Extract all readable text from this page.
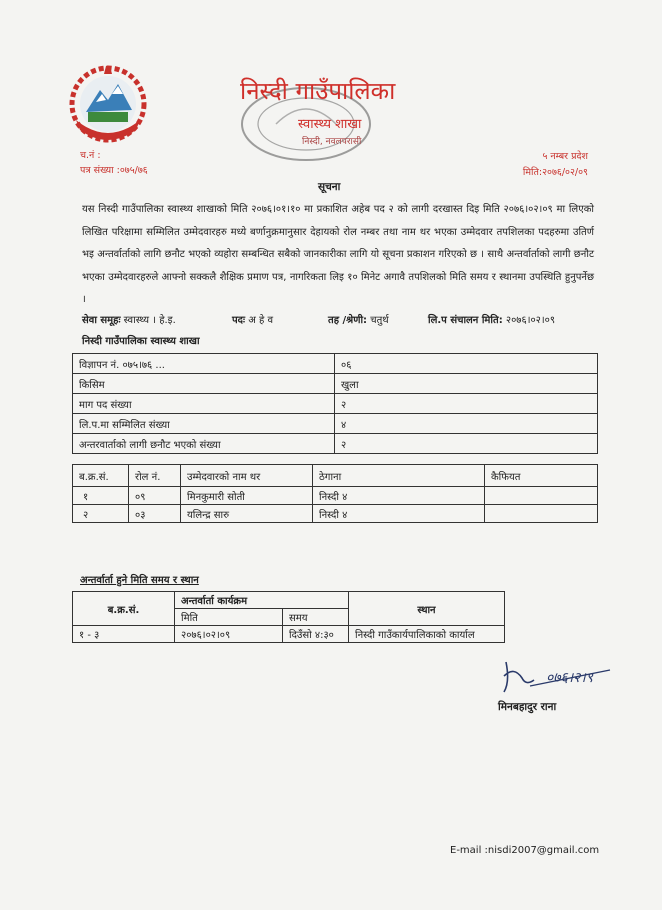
निस्दी गाउँपालिका
स्वास्थ्य शाखा
निस्दी, नवलपरासी
च.नं :
पत्र संख्या :०७५/७६
५ नम्बर प्रदेश
मिति:२०७६/०२/०९
सूचना
यस निस्दी गाउँपालिका स्वास्थ्य शाखाको मिति २०७६।०१।१० मा प्रकाशित अहेब पद २ को लागी दरखास्त दिइ मिति २०७६।०२।०९ मा लिएको लिखित परिक्षामा सम्मिलित उम्मेदवारहरु मध्ये बर्णानुक्रमानुसार देहायको रोल नम्बर तथा नाम थर भएका उम्मेदवार तपशिलका पदहरुमा उतिर्ण भइ अन्तर्वार्ताको लागि छनौट भएको व्यहोरा सम्बन्धित सबैको जानकारीका लागि यो सूचना प्रकाशन गरिएको छ । साथै अन्तर्वार्ताको लागी छनौट भएका उम्मेदवारहरुले आफ्नो सक्कलै शैक्षिक प्रमाण पत्र, नागरिकता लिइ १० मिनेट अगावै तपशिलको मिति समय र स्थानमा उपस्थिति हुनुपर्नेछ ।
सेवा समूहः स्वास्थ्य । हे.इ.	पदः अ हे व	तह /श्रेणी: चतुर्थ	लि.प संचालन मिति: २०७६।०२।०९
निस्दी गाउँपालिका स्वास्थ्य शाखा
विज्ञापन नं. ०७५।७६ ...	०६
किसिम	खुला
माग पद संख्या	२
लि.प.मा सम्मिलित संख्या	४
अन्तरवार्ताको लागी छनौट भएको संख्या	२
ब.क्र.सं.	रोल नं.	उम्मेदवारको नाम थर	ठेगाना	कैफियत
१	०९	मिनकुमारी सोती	निस्दी ४	
२	०३	यलिन्द्र सारु	निस्दी ४	
अन्तर्वार्ता हुने मिति समय र स्थान
ब.क्र.सं.	अन्तर्वार्ता कार्यक्रम		स्थान
	मिति	समय	
१ - ३	२०७६।०२।०९	दिउँसो ४:३०	निस्दी गाउँकार्यपालिकाको कार्याल
०७६।२।९
मिनबहादुर राना
E-mail :nisdi2007@gmail.com
